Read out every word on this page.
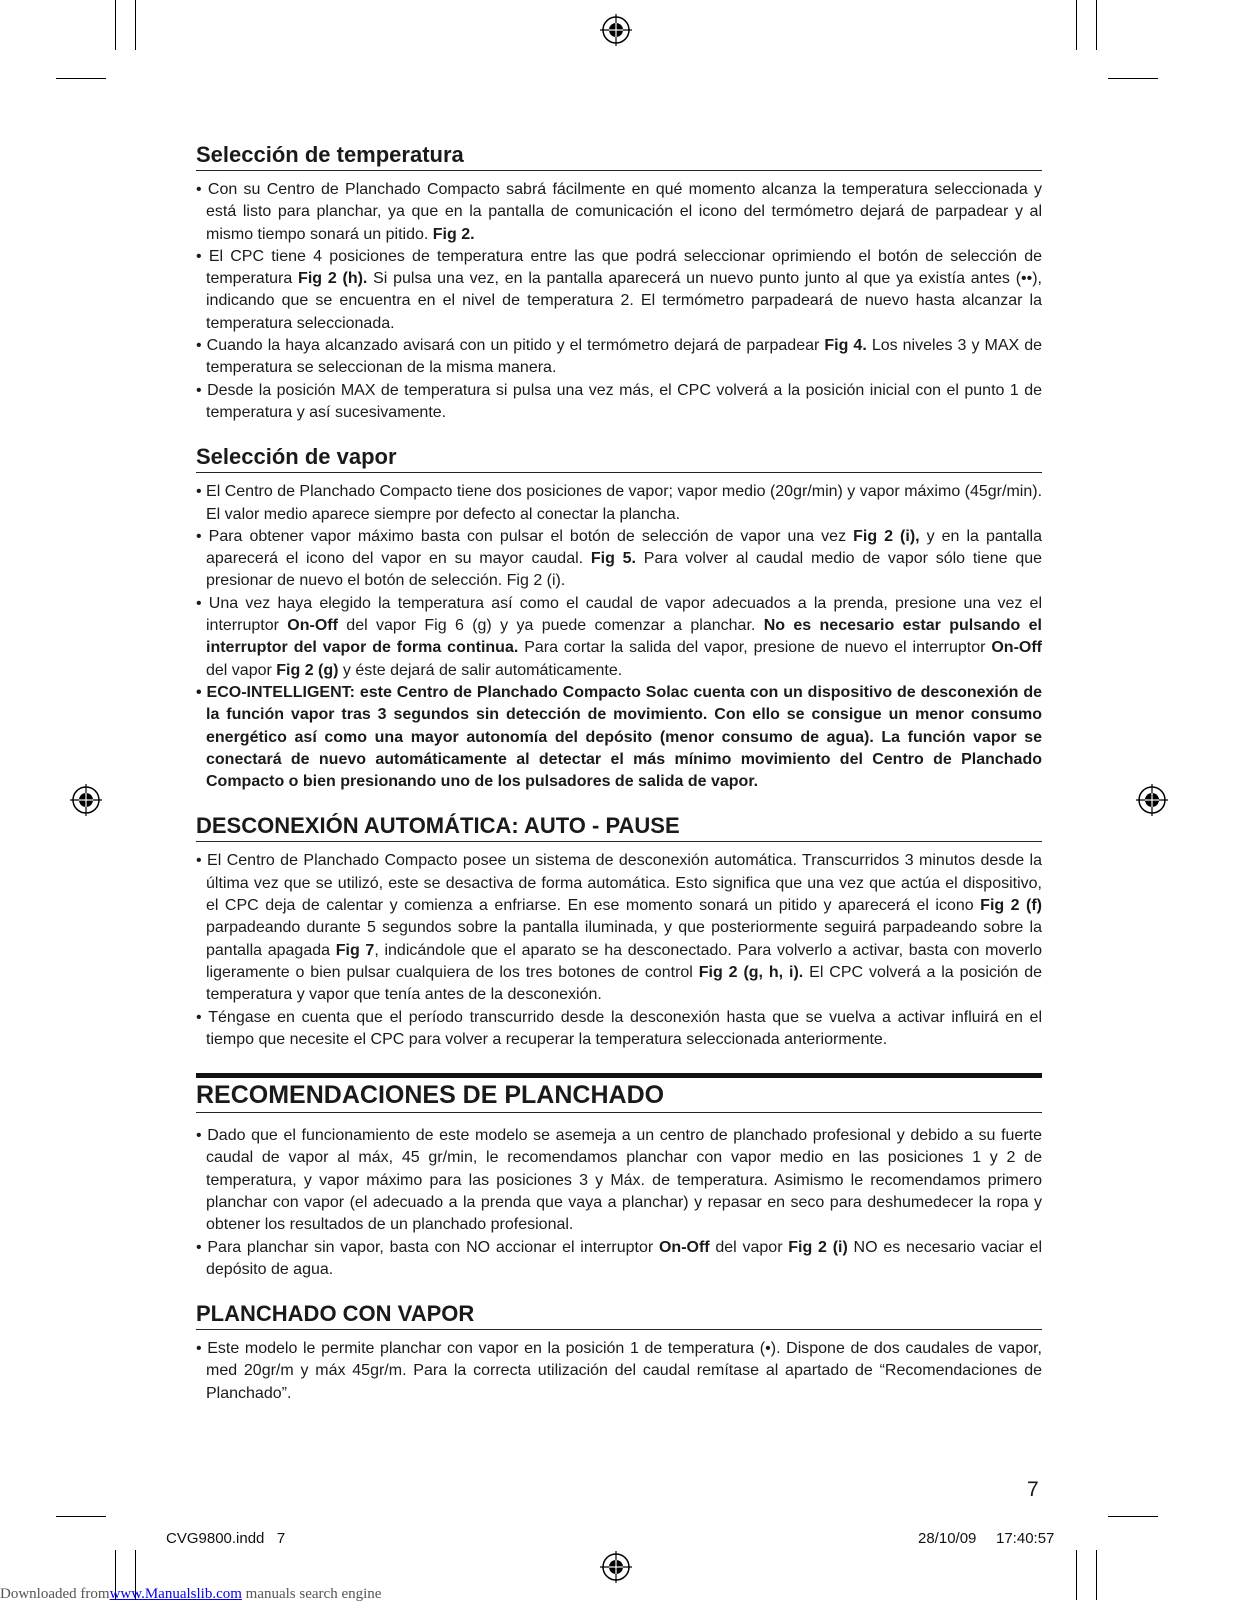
Selección de temperatura

• Con su Centro de Planchado Compacto sabrá fácilmente en qué momento alcanza la temperatura seleccionada y está listo para planchar, ya que en la pantalla de comunicación el icono del termómetro dejará de parpadear y al mismo tiempo sonará un pitido. Fig 2.

• El CPC tiene 4 posiciones de temperatura entre las que podrá seleccionar oprimiendo el botón de selección de temperatura Fig 2 (h). Si pulsa una vez, en la pantalla aparecerá un nuevo punto junto al que ya existía antes (••), indicando que se encuentra en el nivel de temperatura 2. El termómetro parpadeará de nuevo hasta alcanzar la temperatura seleccionada.

• Cuando la haya alcanzado avisará con un pitido y el termómetro dejará de parpadear Fig 4. Los niveles 3 y MAX de temperatura se seleccionan de la misma manera.

• Desde la posición MAX de temperatura si pulsa una vez más, el CPC volverá a la posición inicial con el punto 1 de temperatura y así sucesivamente.

Selección de vapor

• El Centro de Planchado Compacto tiene dos posiciones de vapor; vapor medio (20gr/min) y vapor máximo (45gr/min). El valor medio aparece siempre por defecto al conectar la plancha.

• Para obtener vapor máximo basta con pulsar el botón de selección de vapor una vez Fig 2 (i), y en la pantalla aparecerá el icono del vapor en su mayor caudal. Fig 5. Para volver al caudal medio de vapor sólo tiene que presionar de nuevo el botón de selección. Fig 2 (i).

• Una vez haya elegido la temperatura así como el caudal de vapor adecuados a la prenda, presione una vez el interruptor On-Off del vapor Fig 6 (g) y ya puede comenzar a planchar. No es necesario estar pulsando el interruptor del vapor de forma continua. Para cortar la salida del vapor, presione de nuevo el interruptor On-Off del vapor Fig 2 (g) y éste dejará de salir automáticamente.

• ECO-INTELLIGENT: este Centro de Planchado Compacto Solac cuenta con un dispositivo de desconexión de la función vapor tras 3 segundos sin detección de movimiento. Con ello se consigue un menor consumo energético así como una mayor autonomía del depósito (menor consumo de agua). La función vapor se conectará de nuevo automáticamente al detectar el más mínimo movimiento del Centro de Planchado Compacto o bien presionando uno de los pulsadores de salida de vapor.

DESCONEXIÓN AUTOMÁTICA: AUTO - PAUSE

• El Centro de Planchado Compacto posee un sistema de desconexión automática. Transcurridos 3 minutos desde la última vez que se utilizó, este se desactiva de forma automática. Esto significa que una vez que actúa el dispositivo, el CPC deja de calentar y comienza a enfriarse. En ese momento sonará un pitido y aparecerá el icono Fig 2 (f) parpadeando durante 5 segundos sobre la pantalla iluminada, y que posteriormente seguirá parpadeando sobre la pantalla apagada Fig 7, indicándole que el aparato se ha desconectado. Para volverlo a activar, basta con moverlo ligeramente o bien pulsar cualquiera de los tres botones de control Fig 2 (g, h, i). El CPC volverá a la posición de temperatura y vapor que tenía antes de la desconexión.

• Téngase en cuenta que el período transcurrido desde la desconexión hasta que se vuelva a activar influirá en el tiempo que necesite el CPC para volver a recuperar la temperatura seleccionada anteriormente.

RECOMENDACIONES DE PLANCHADO

• Dado que el funcionamiento de este modelo se asemeja a un centro de planchado profesional y debido a su fuerte caudal de vapor al máx, 45 gr/min, le recomendamos planchar con vapor medio en las posiciones 1 y 2 de temperatura, y vapor máximo para las posiciones 3 y Máx. de temperatura. Asimismo le recomendamos primero planchar con vapor (el adecuado a la prenda que vaya a planchar) y repasar en seco para deshumedecer la ropa y obtener los resultados de un planchado profesional.

• Para planchar sin vapor, basta con NO accionar el interruptor On-Off del vapor Fig 2 (i) NO es necesario vaciar el depósito de agua.

PLANCHADO CON VAPOR

• Este modelo le permite planchar con vapor en la posición 1 de temperatura (•). Dispone de dos caudales de vapor, med 20gr/m y máx 45gr/m. Para la correcta utilización del caudal remítase al apartado de “Recomendaciones de Planchado”.

7
CVG9800.indd   7	28/10/09 17:40:57
Downloaded fromwww.Manualslib.com manuals search engine
